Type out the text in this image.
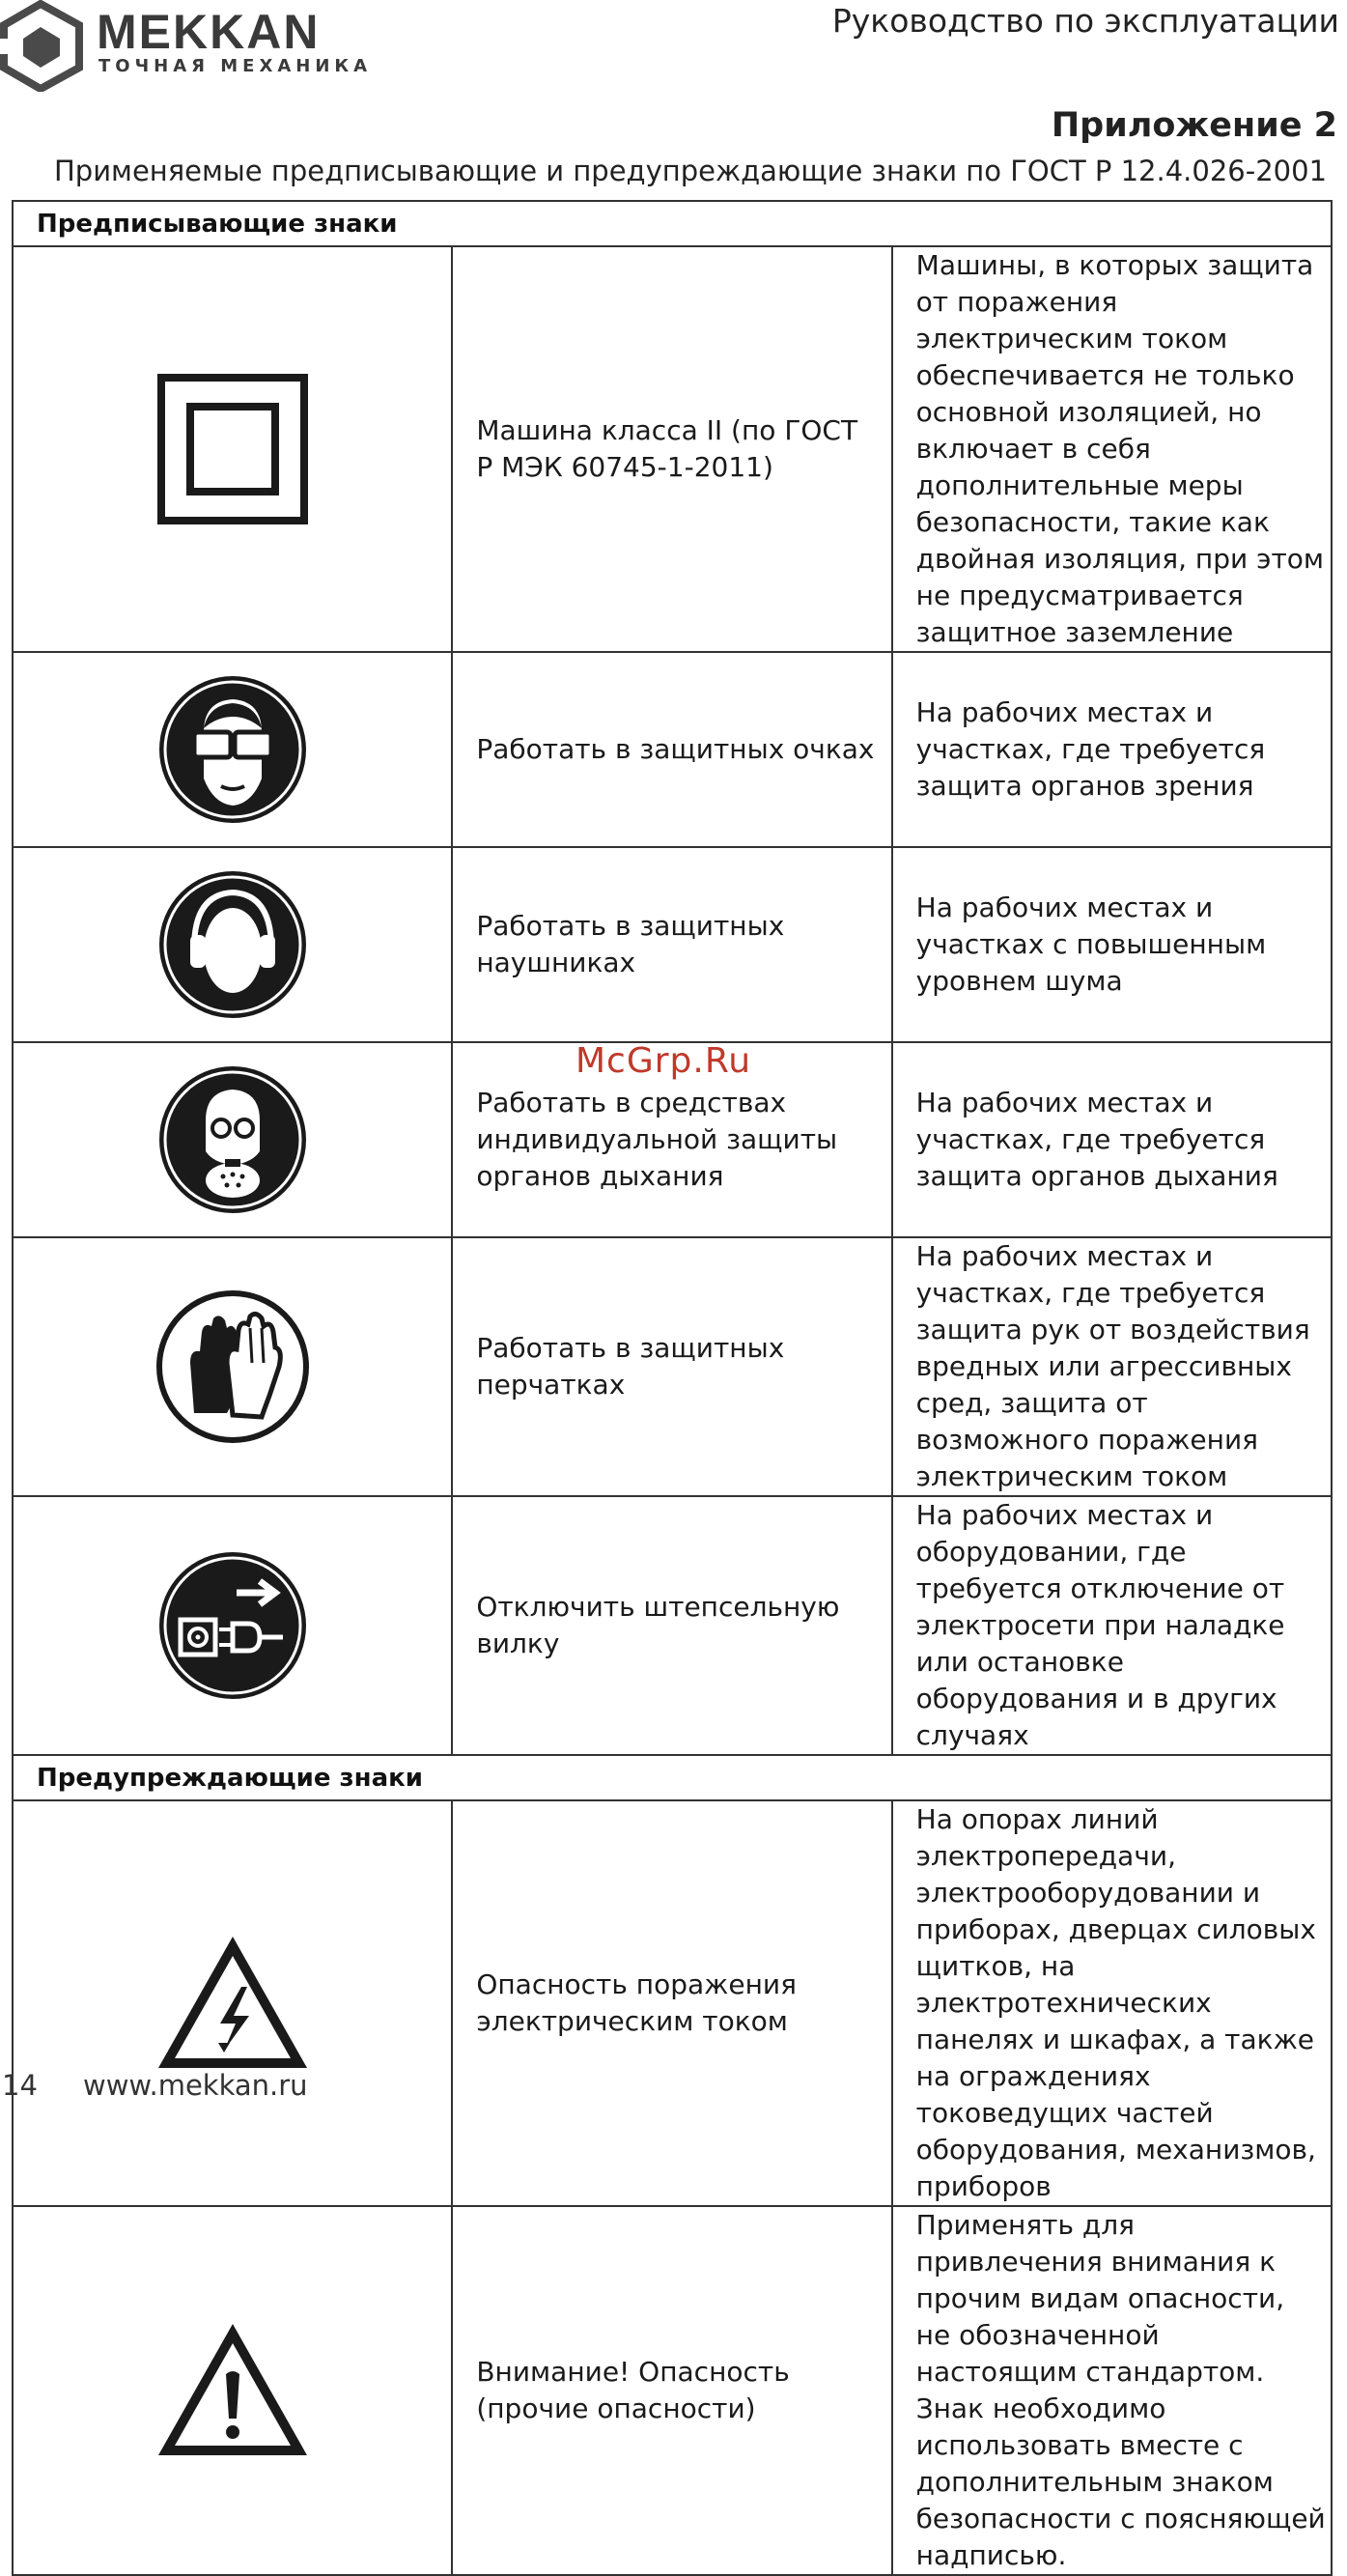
MEKKAN
ТОЧНАЯ МЕХАНИКА
Руководство по эксплуатации
Приложение 2
Применяемые предписывающие и предупреждающие знаки по ГОСТ Р 12.4.026-2001
Предписывающие знаки		

	Машина класса II (по ГОСТ Р МЭК 60745-1-2011)	Машины, в которых защита от поражения электрическим током обеспечивается не только основной изоляцией, но включает в себя дополнительные меры безопасности, такие как двойная изоляция, при этом не предусматривается защитное заземление

	Работать в защитных очках	На рабочих местах и участках, где требуется защита органов зрения

	Работать в защитных наушниках	На рабочих местах и участках с повышенным уровнем шума

	Работать в средствах индивидуальной защиты органов дыхания	На рабочих местах и участках, где требуется защита органов дыхания

	Работать в защитных перчатках	На рабочих местах и участках, где требуется защита рук от воздействия вредных или агрессивных сред, защита от возможного поражения электрическим током

	Отключить штепсельную вилку	На рабочих местах и оборудовании, где требуется отключение от электросети при наладке или остановке оборудования и в других случаях
Предупреждающие знаки		

	Опасность поражения электрическим током	На опорах линий электропередачи, электрооборудовании и приборах, дверцах силовых щитков, на электротехнических панелях и шкафах, а также на ограждениях токоведущих частей оборудования, механизмов, приборов

	Внимание! Опасность (прочие опасности)	Применять для привлечения внимания к прочим видам опасности, не обозначенной настоящим стандартом. Знак необходимо использовать вместе с дополнительным знаком безопасности с поясняющей надписью.
McGrp.Ru
14 www.mekkan.ru
